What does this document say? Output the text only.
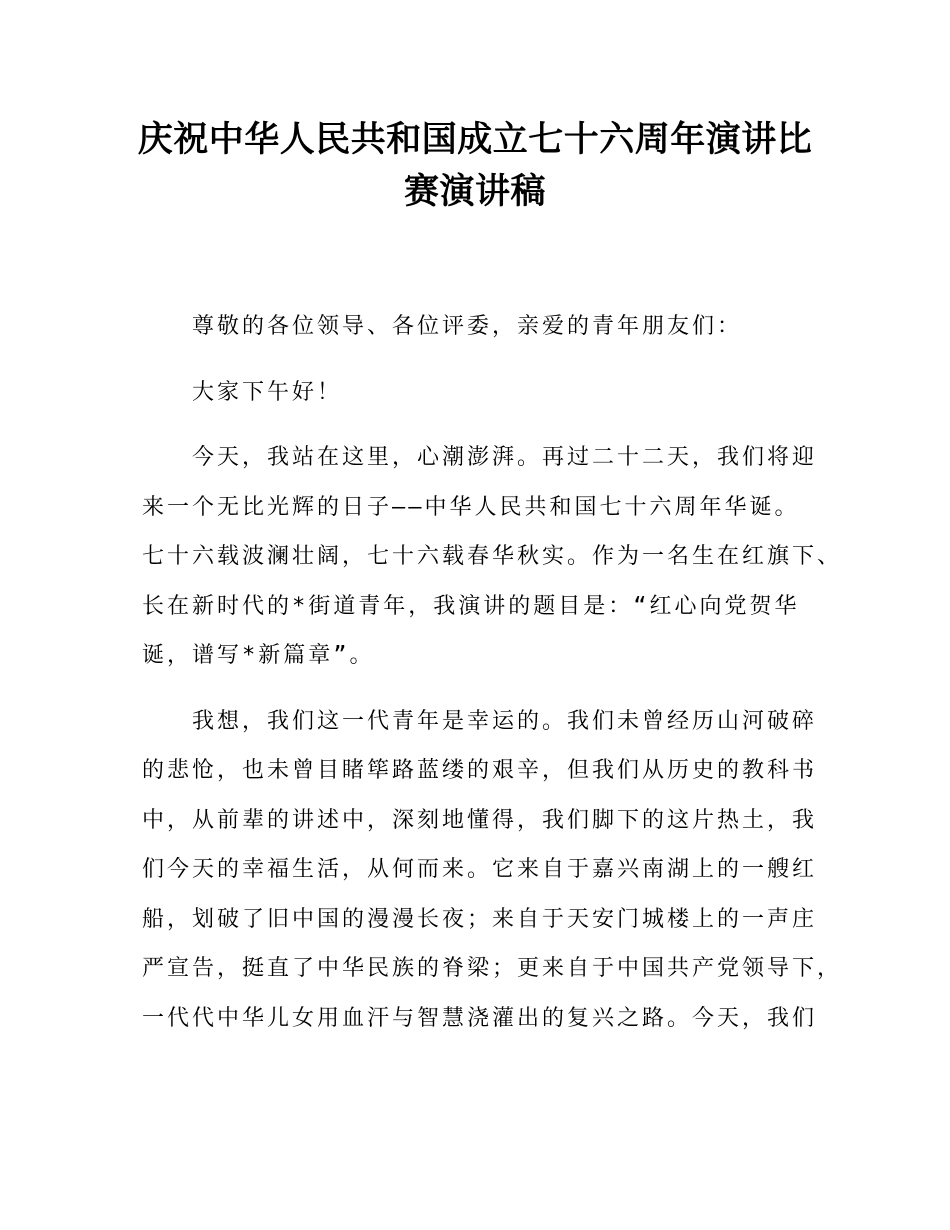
庆祝中华人民共和国成立七十六周年演讲比
赛演讲稿

尊敬的各位领导、各位评委，亲爱的青年朋友们：

大家下午好！

今天，我站在这里，心潮澎湃。再过二十二天，我们将迎
来一个无比光辉的日子——中华人民共和国七十六周年华诞。
七十六载波澜壮阔，七十六载春华秋实。作为一名生在红旗下、
长在新时代的*街道青年，我演讲的题目是：“红心向党贺华
诞，谱写*新篇章”。

我想，我们这一代青年是幸运的。我们未曾经历山河破碎
的悲怆，也未曾目睹筚路蓝缕的艰辛，但我们从历史的教科书
中，从前辈的讲述中，深刻地懂得，我们脚下的这片热土，我
们今天的幸福生活，从何而来。它来自于嘉兴南湖上的一艘红
船，划破了旧中国的漫漫长夜；来自于天安门城楼上的一声庄
严宣告，挺直了中华民族的脊梁；更来自于中国共产党领导下，
一代代中华儿女用血汗与智慧浇灌出的复兴之路。今天，我们
